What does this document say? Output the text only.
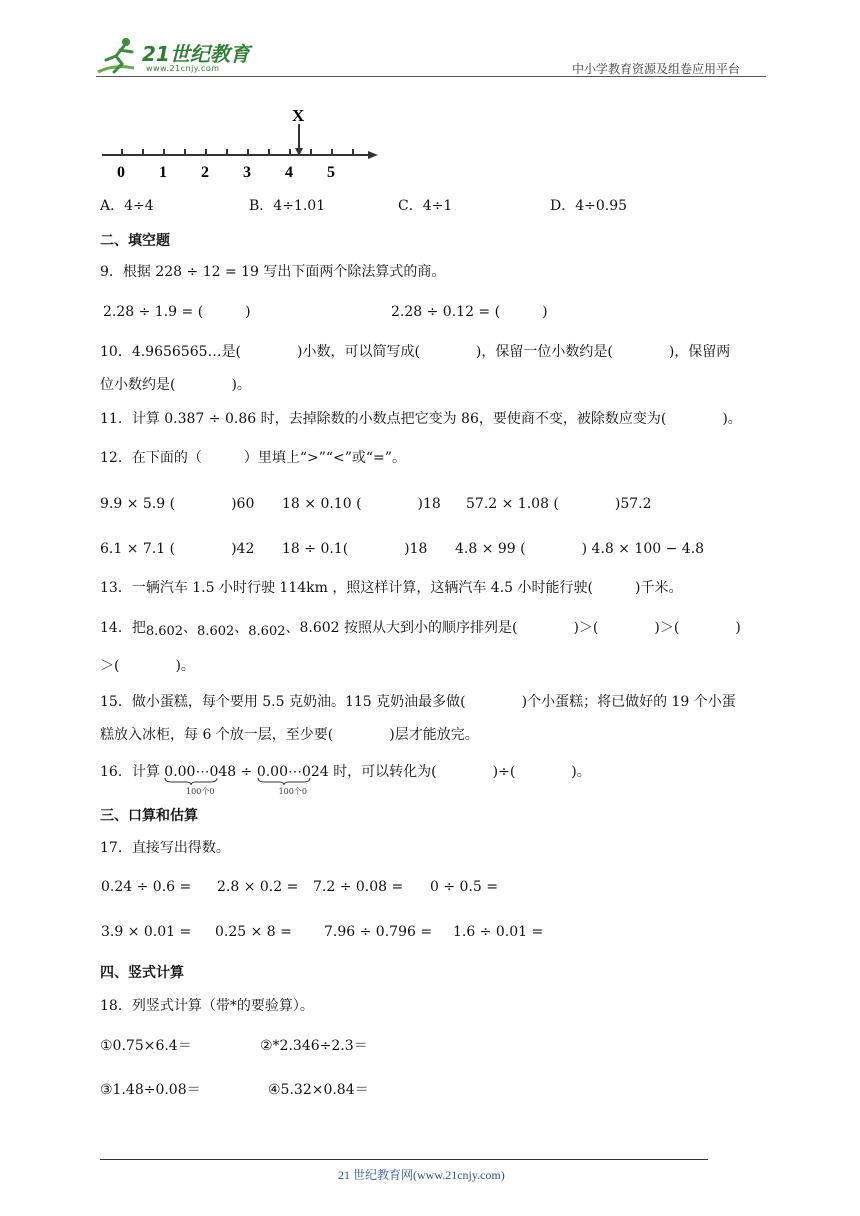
21世纪教育
www.21cnjy.com	中小学教育资源及组卷应用平台
X
0 1 2 3 4 5
A．4÷4	B．4÷1.01	C．4÷1	D．4÷0.95
二、填空题
9．根据 228 ÷ 12 = 19 写出下面两个除法算式的商。
2.28 ÷ 1.9 = (　　　)	2.28 ÷ 0.12 = (　　　)
10．4.9656565…是(　　　　)小数，可以简写成(　　　　)，保留一位小数约是(　　　　)，保留两
位小数约是(　　　　)。
11．计算 0.387 ÷ 0.86 时，去掉除数的小数点把它变为 86，要使商不变，被除数应变为(　　　　)。
12．在下面的（　　　）里填上“>”“<”或“=”。
9.9 × 5.9 (　　　　)60 18 × 0.10 (　　　　)18 57.2 × 1.08 (　　　　)57.2
6.1 × 7.1 (　　　　)42 18 ÷ 0.1(　　　　)18 4.8 × 99 (　　　　) 4.8 × 100 − 4.8
13．一辆汽车 1.5 小时行驶 114km ，照这样计算，这辆汽车 4.5 小时能行驶(　　　)千米。
14．把8.602、8.602、8.602、8.602 按照从大到小的顺序排列是(　　　　)＞(　　　　)＞(　　　　)
＞(　　　　)。
15．做小蛋糕，每个要用 5.5 克奶油。115 克奶油最多做(　　　　)个小蛋糕；将已做好的 19 个小蛋
糕放入冰柜，每 6 个放一层，至少要(　　　　)层才能放完。
16．计算 0.00⋯048
100个0
÷ 0.00⋯024
100个0
时，可以转化为(　　　　)÷(　　　　)。
三、口算和估算
17．直接写出得数。
0.24 ÷ 0.6 = 2.8 × 0.2 = 7.2 ÷ 0.08 = 0 ÷ 0.5 =
3.9 × 0.01 = 0.25 × 8 = 7.96 ÷ 0.796 = 1.6 ÷ 0.01 =
四、竖式计算
18．列竖式计算（带*的要验算）。
①0.75×6.4＝	②*2.346÷2.3＝
③1.48÷0.08＝	④5.32×0.84＝
21 世纪教育网(www.21cnjy.com)
